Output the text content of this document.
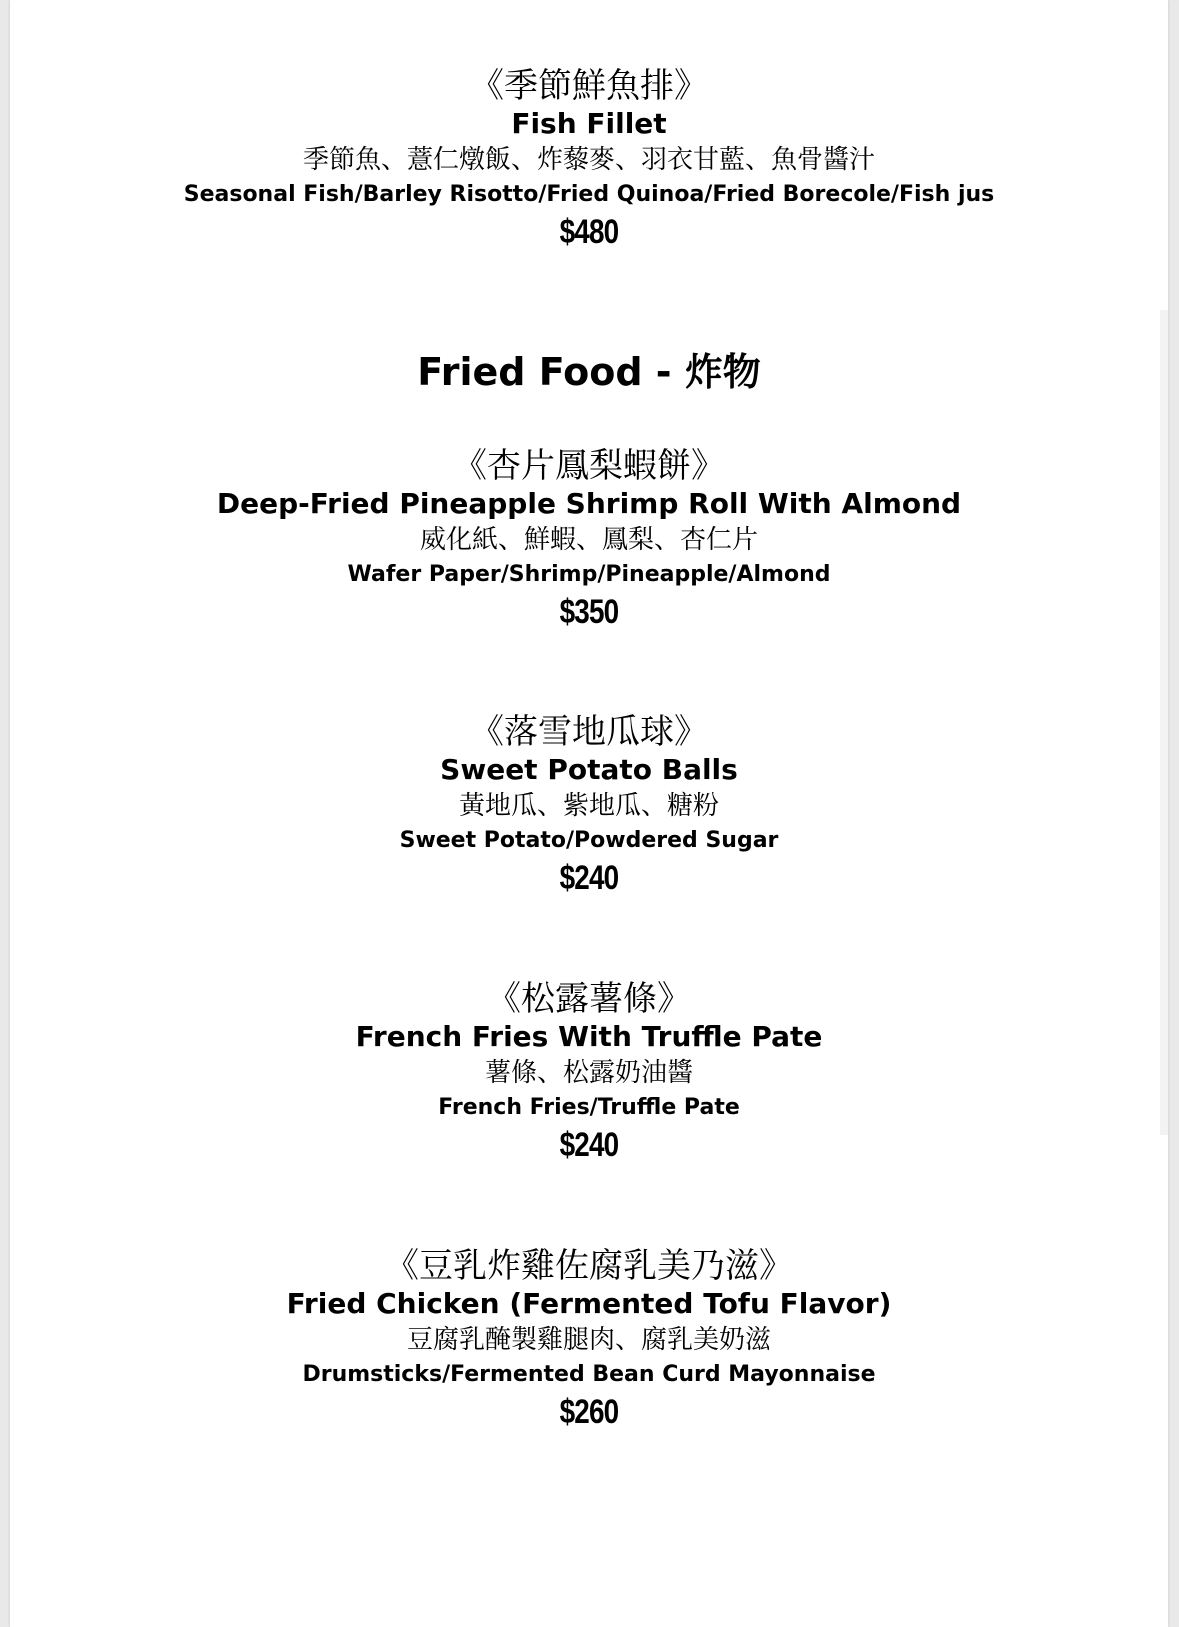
《季節鮮魚排》
Fish Fillet
季節魚、薏仁燉飯、炸藜麥、羽衣甘藍、魚骨醬汁
Seasonal Fish/Barley Risotto/Fried Quinoa/Fried Borecole/Fish jus
$480
Fried Food - 炸物
《杏片鳳梨蝦餅》
Deep-Fried Pineapple Shrimp Roll With Almond
威化紙、鮮蝦、鳳梨、杏仁片
Wafer Paper/Shrimp/Pineapple/Almond
$350
《落雪地瓜球》
Sweet Potato Balls
黃地瓜、紫地瓜、糖粉
Sweet Potato/Powdered Sugar
$240
《松露薯條》
French Fries With Truffle Pate
薯條、松露奶油醬
French Fries/Truffle Pate
$240
《豆乳炸雞佐腐乳美乃滋》
Fried Chicken (Fermented Tofu Flavor)
豆腐乳醃製雞腿肉、腐乳美奶滋
Drumsticks/Fermented Bean Curd Mayonnaise
$260
